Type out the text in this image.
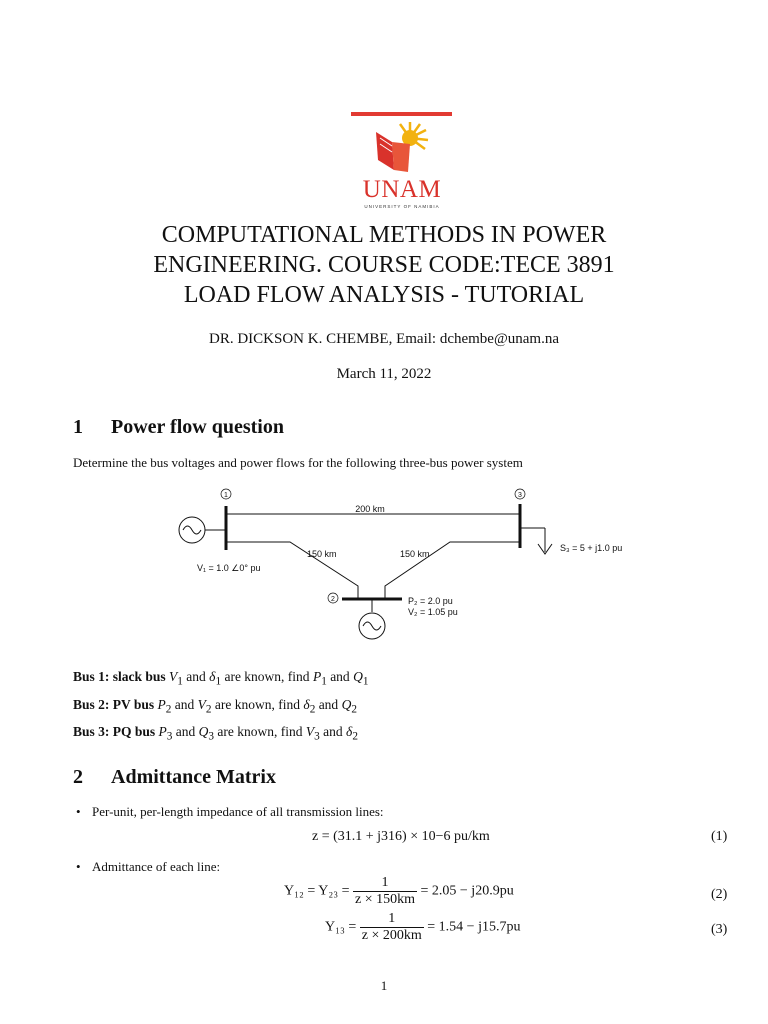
UNAM
UNIVERSITY OF NAMIBIA
COMPUTATIONAL METHODS IN POWER
ENGINEERING. COURSE CODE:TECE 3891
LOAD FLOW ANALYSIS - TUTORIAL
DR. DICKSON K. CHEMBE, Email: dchembe@unam.na
March 11, 2022
1 Power flow question
Determine the bus voltages and power flows for the following three-bus power system
1	3
2
200 km
150 km	150 km
V₁ = 1.0 ∠0° pu
S₃ = 5 + j1.0 pu
P₂ = 2.0 pu
V₂ = 1.05 pu
Bus 1: slack bus $V_1$ and $\delta_1$ are known, find $P_1$ and $Q_1$
Bus 2: PV bus $P_2$ and $V_2$ are known, find $\delta_2$ and $Q_2$
Bus 3: PQ bus $P_3$ and $Q_3$ are known, find $V_3$ and $\delta_2$
2 Admittance Matrix
• Per-unit, per-length impedance of all transmission lines:
z = (31.1 + j316) × 10−6 pu/km	(1)
• Admittance of each line:
$Y_{12} = Y_{23} = \frac{1}{z \times 150km} = 2.05 - j20.9pu$	(2)
$Y_{13} = \frac{1}{z \times 200km} = 1.54 - j15.7pu$	(3)
1
